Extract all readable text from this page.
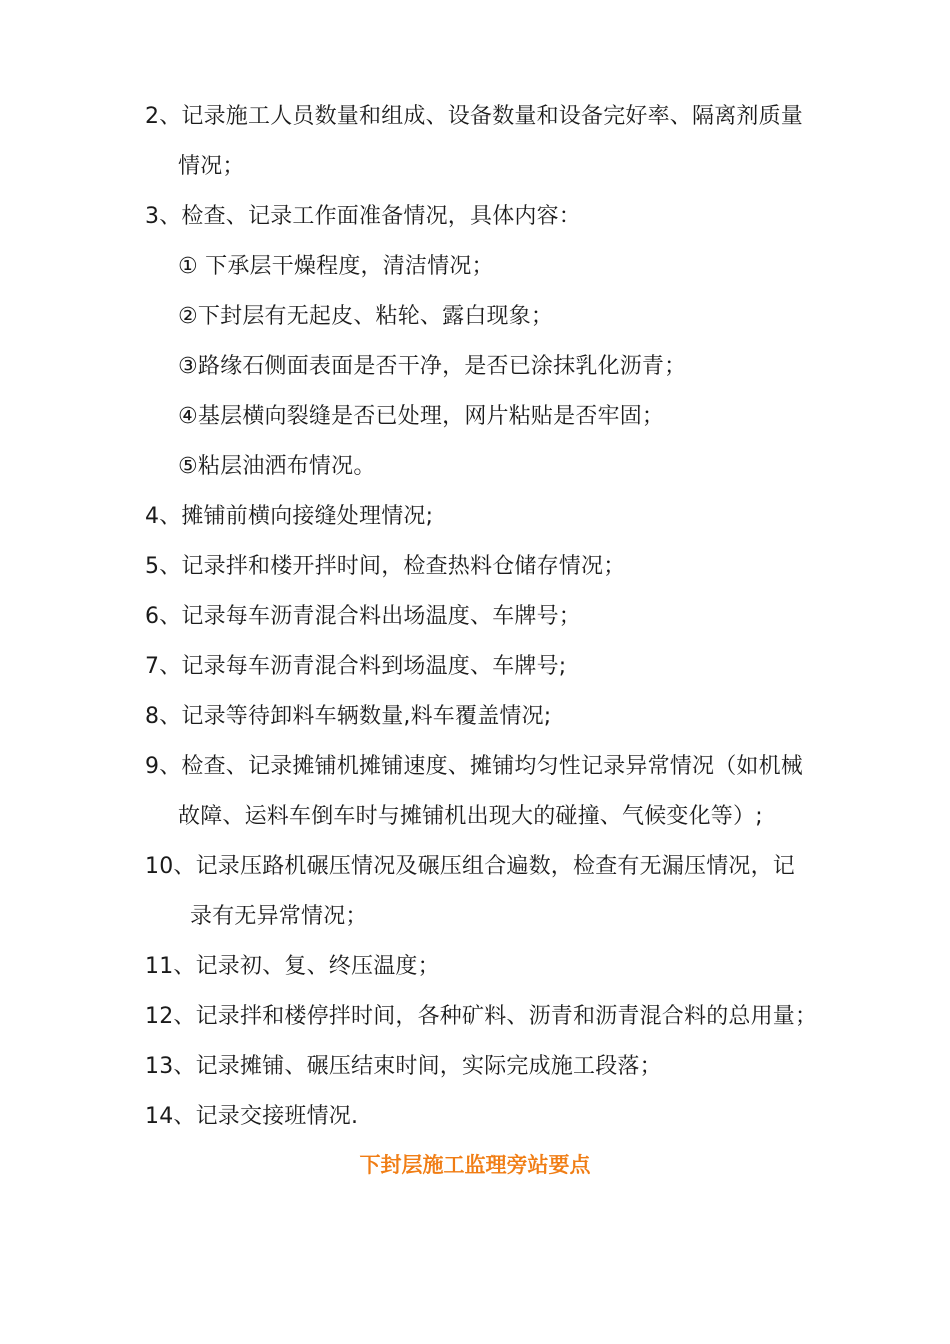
2、记录施工人员数量和组成、设备数量和设备完好率、隔离剂质量
情况；
3、检查、记录工作面准备情况，具体内容：
① 下承层干燥程度，清洁情况；
②下封层有无起皮、粘轮、露白现象；
③路缘石侧面表面是否干净，是否已涂抹乳化沥青；
④基层横向裂缝是否已处理，网片粘贴是否牢固；
⑤粘层油洒布情况。
4、摊铺前横向接缝处理情况;
5、记录拌和楼开拌时间，检查热料仓储存情况；
6、记录每车沥青混合料出场温度、车牌号；
7、记录每车沥青混合料到场温度、车牌号;
8、记录等待卸料车辆数量,料车覆盖情况;
9、检查、记录摊铺机摊铺速度、摊铺均匀性记录异常情况（如机械
故障、运料车倒车时与摊铺机出现大的碰撞、气候变化等）;
10、记录压路机碾压情况及碾压组合遍数，检查有无漏压情况，记
录有无异常情况；
11、记录初、复、终压温度；
12、记录拌和楼停拌时间，各种矿料、沥青和沥青混合料的总用量；
13、记录摊铺、碾压结束时间，实际完成施工段落；
14、记录交接班情况.
下封层施工监理旁站要点
